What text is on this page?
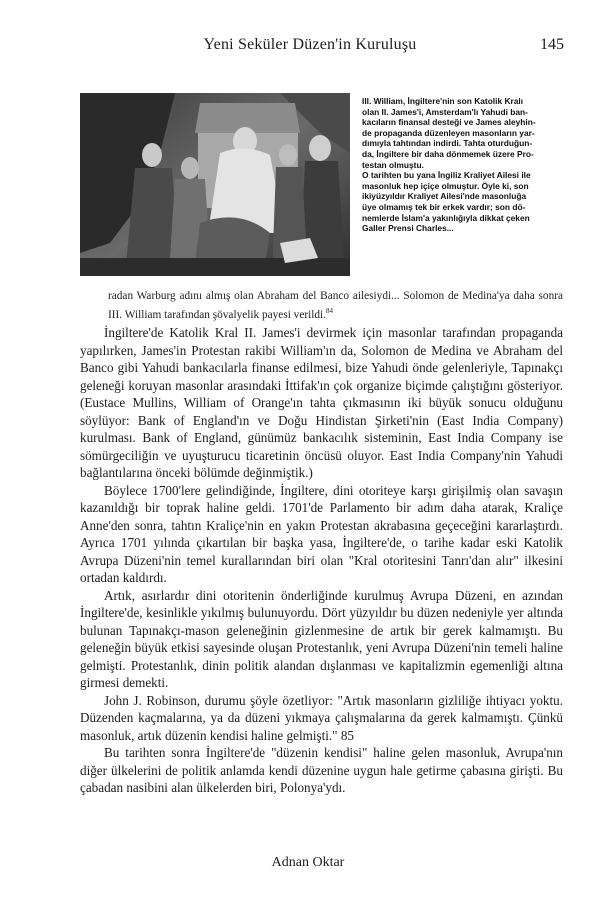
Yeni Seküler Düzen'in Kuruluşu	145

III. William, İngiltere'nin son Katolik Kralı

olan II. James'i, Amsterdam'lı Yahudi ban-

kacıların finansal desteği ve James aleyhin-

de propaganda düzenleyen masonların yar-

dımıyla tahtından indirdi. Tahta oturduğun-

da, İngiltere bir daha dönmemek üzere Pro-

testan olmuştu.

O tarihten bu yana İngiliz Kraliyet Ailesi ile

masonluk hep içiçe olmuştur. Öyle ki, son

ikiyüzyıldır Kraliyet Ailesi'nde masonluğa

üye olmamış tek bir erkek vardır; son dö-

nemlerde İslam'a yakınlığıyla dikkat çeken

Galler Prensi Charles...

radan Warburg adını almış olan Abraham del Banco ailesiydi... Solomon de Medina'ya daha sonra III. William tarafından şövalyelik payesi verildi.$^{84}$

İngiltere'de Katolik Kral II. James'i devirmek için masonlar tarafından propaganda yapılırken, James'in Protestan rakibi William'ın da, Solomon de Medina ve Abraham del Banco gibi Yahudi bankacılarla finanse edilmesi, bize Yahudi önde gelenleriyle, Tapınakçı geleneği koruyan masonlar arasındaki İttifak'ın çok organize biçimde çalıştığını gösteriyor. (Eustace Mullins, William of Orange'ın tahta çıkmasının iki büyük sonucu olduğunu söylüyor: Bank of England'ın ve Doğu Hindistan Şirketi'nin (East India Company) kurulması. Bank of England, günümüz bankacılık sisteminin, East India Company ise sömürgeciliğin ve uyuşturucu ticaretinin öncüsü oluyor. East India Company'nin Yahudi bağlantılarına önceki bölümde değinmiştik.)

Böylece 1700'lere gelindiğinde, İngiltere, dini otoriteye karşı girişilmiş olan savaşın kazanıldığı bir toprak haline geldi. 1701'de Parlamento bir adım daha atarak, Kraliçe Anne'den sonra, tahtın Kraliçe'nin en yakın Protestan akrabasına geçeceğini kararlaştırdı. Ayrıca 1701 yılında çıkartılan bir başka yasa, İngiltere'de, o tarihe kadar eski Katolik Avrupa Düzeni'nin temel kurallarından biri olan "Kral otoritesini Tanrı'dan alır" ilkesini ortadan kaldırdı.

Artık, asırlardır dini otoritenin önderliğinde kurulmuş Avrupa Düzeni, en azından İngiltere'de, kesinlikle yıkılmış bulunuyordu. Dört yüzyıldır bu düzen nedeniyle yer altında bulunan Tapınakçı-mason geleneğinin gizlenmesine de artık bir gerek kalmamıştı. Bu geleneğin büyük etkisi sayesinde oluşan Protestanlık, yeni Avrupa Düzeni'nin temeli haline gelmişti. Protestanlık, dinin politik alandan dışlanması ve kapitalizmin egemenliği altına girmesi demekti.

John J. Robinson, durumu şöyle özetliyor: "Artık masonların gizliliğe ihtiyacı yoktu. Düzenden kaçmalarına, ya da düzeni yıkmaya çalışmalarına da gerek kalmamıştı. Çünkü masonluk, artık düzenin kendisi haline gelmişti." 85

Bu tarihten sonra İngiltere'de "düzenin kendisi" haline gelen masonluk, Avrupa'nın diğer ülkelerini de politik anlamda kendi düzenine uygun hale getirme çabasına girişti. Bu çabadan nasibini alan ülkelerden biri, Polonya'ydı.

Adnan Oktar
